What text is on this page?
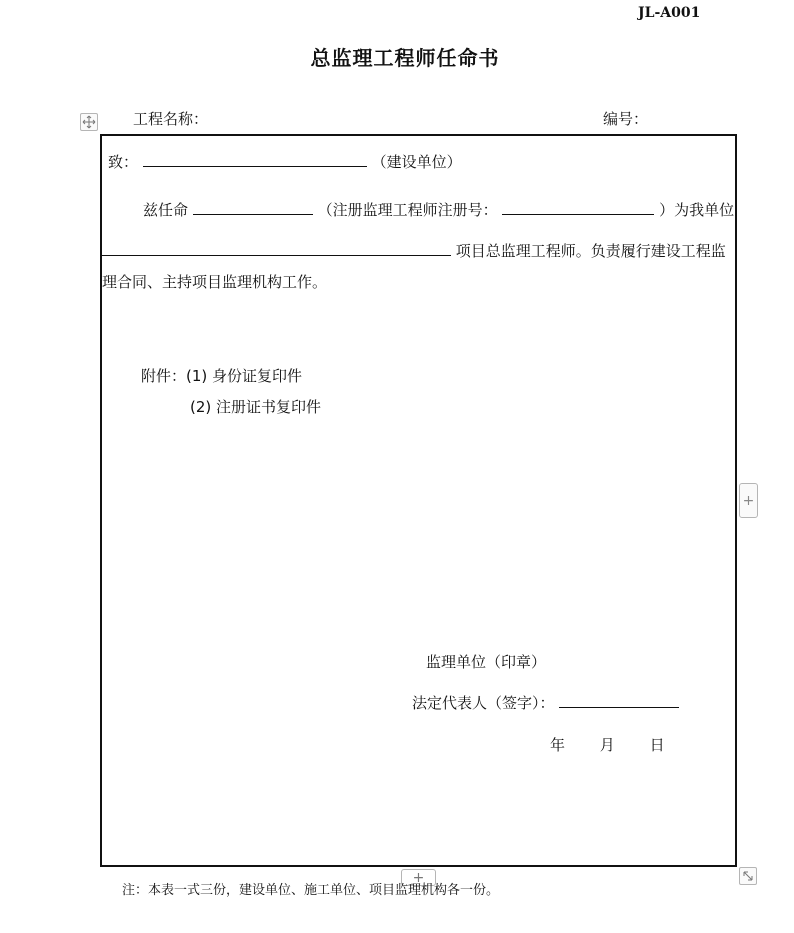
JL-A001
总监理工程师任命书
工程名称：	编号：
致：	（建设单位）
兹任命	（注册监理工程师注册号：	）为我单位
项目总监理工程师。负责履行建设工程监
理合同、主持项目监理机构工作。
附件：(1) 身份证复印件
(2) 注册证书复印件
监理单位（印章）
法定代表人（签字）：
年 月 日
+
+
注：本表一式三份，建设单位、施工单位、项目监理机构各一份。
